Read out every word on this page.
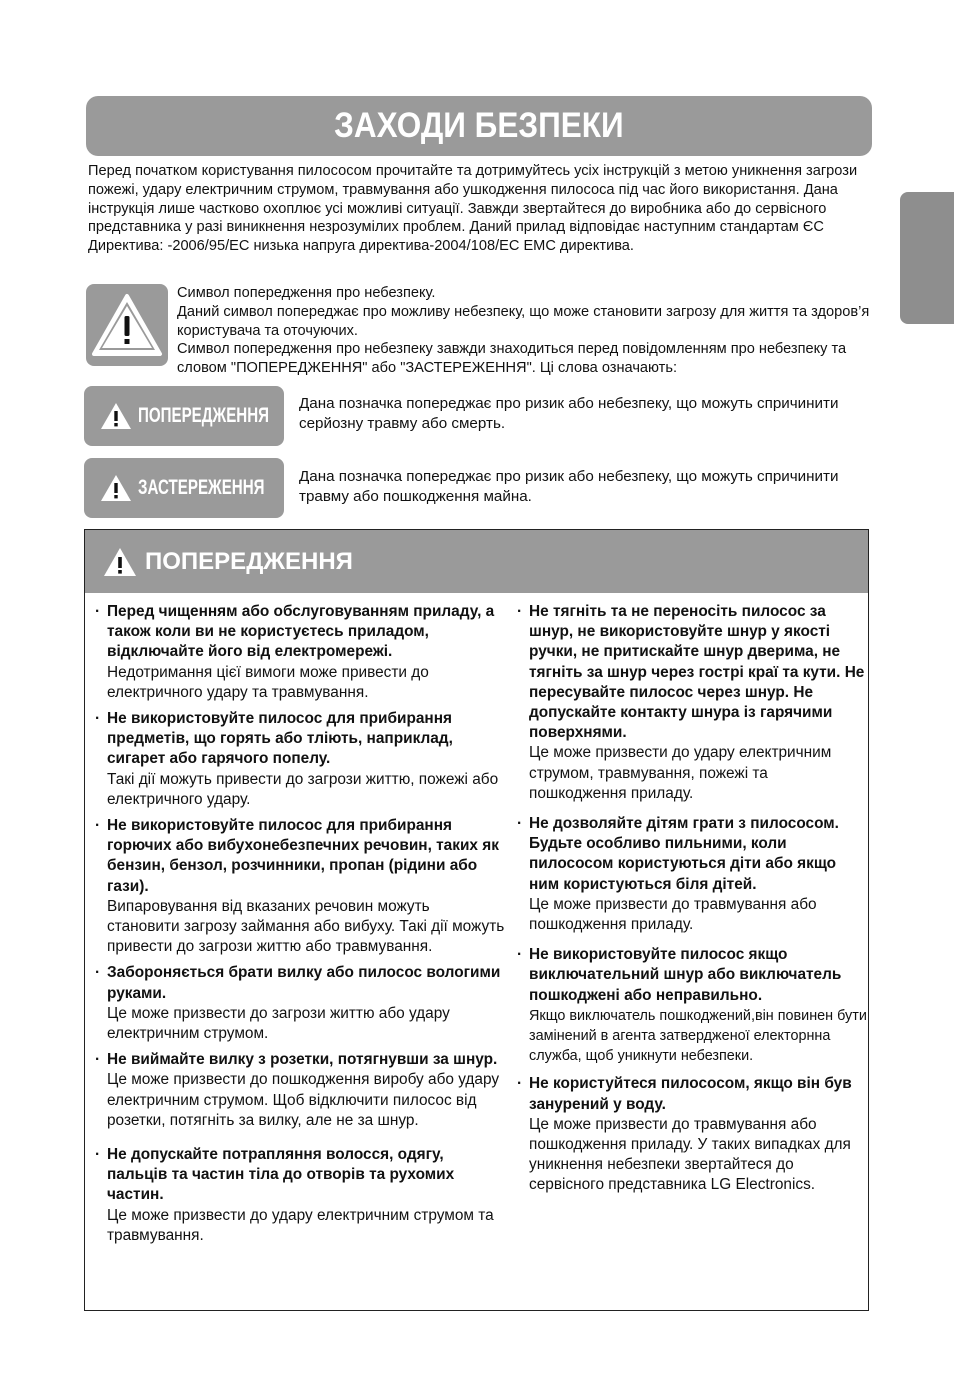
ЗАХОДИ БЕЗПЕКИ

Перед початком користування пилососом прочитайте та дотримуйтесь усіх інструкцій з метою уникнення загрози пожежі, удару електричним струмом, травмування або ушкодження пилососа під час його використання. Дана інструкція лише частково охоплює усі можливі ситуації. Завжди звертайтеся до виробника або до сервісного представника у разі виникнення незрозумілих проблем. Даний прилад відповідає наступним стандартам ЄС Директива: -2006/95/EC низька напруга директива-2004/108/EC EMC директива.

Символ попередження про небезпеку.
Даний символ попереджає про можливу небезпеку, що може становити загрозу для життя та здоров’я користувача та оточуючих.
Символ попередження про небезпеку завжди знаходиться перед повідомленням про небезпеку та словом "ПОПЕРЕДЖЕННЯ" або "ЗАСТЕРЕЖЕННЯ". Ці слова означають:

ПОПЕРЕДЖЕННЯ

Дана позначка попереджає про ризик або небезпеку, що можуть спричинити серйозну травму або смерть.

ЗАСТЕРЕЖЕННЯ Дана позначка попереджає про ризик або небезпеку, що можуть спричинити травму або пошкодження майна.

ПОПЕРЕДЖЕННЯ
· Перед чищенням або обслуговуванням приладу, а також коли ви не користуєтесь приладом, відключайте його від електромережі.
Недотримання цієї вимоги може привести до електричного удару та травмування.
· Не використовуйте пилосос для прибирання предметів, що горять або тліють, наприклад, сигарет або гарячого попелу.
Такі дії можуть привести до загрози життю, пожежі або електричного удару.
· Не використовуйте пилосос для прибирання горючих або вибухонебезпечних речовин, таких як бензин, бензол, розчинники, пропан (рідини або гази).
Випаровування від вказаних речовин можуть становити загрозу займання або вибуху. Такі дії можуть привести до загрози життю або травмування.
· Забороняється брати вилку або пилосос вологими руками.
Це може призвести до загрози життю або удару електричним струмом.
· Не виймайте вилку з розетки, потягнувши за шнур.
Це може призвести до пошкодження виробу або удару електричним струмом. Щоб відключити пилосос від розетки, потягніть за вилку, але не за шнур.
· Не допускайте потрапляння волосся, одягу, пальців та частин тіла до отворів та рухомих частин.
Це може призвести до удару електричним струмом та травмування.
· Не тягніть та не переносіть пилосос за шнур, не використовуйте шнур у якості ручки, не притискайте шнур дверима, не тягніть за шнур через гострі краї та кути. Не пересувайте пилосос через шнур. Не допускайте контакту шнура із гарячими поверхнями.
Це може призвести до удару електричним струмом, травмування, пожежі та пошкодження приладу.
· Не дозволяйте дітям грати з пилососом. Будьте особливо пильними, коли пилососом користуються діти або якщо ним користуються біля дітей.
Це може призвести до травмування або пошкодження приладу.
· Не використовуйте пилосос якщо виключательний шнур або виключатель пошкоджені або неправильно.
Якщо виключатель пошкоджений,він повинен бути замінений в агента затвердженої електорнна служба, щоб уникнути небезпеки.
· Не користуйтеся пилососом, якщо він був занурений у воду.
Це може призвести до травмування або пошкодження приладу. У таких випадках для уникнення небезпеки звертайтеся до сервісного представника LG Electronics.
